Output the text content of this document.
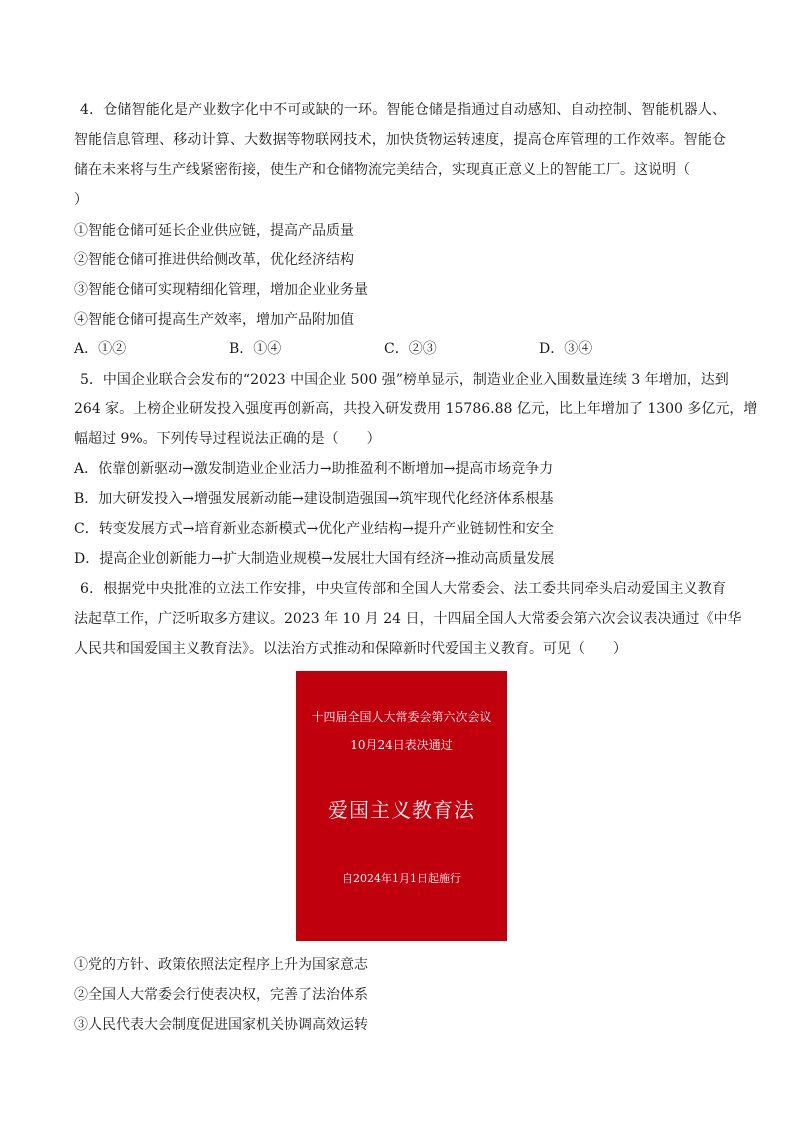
4．仓储智能化是产业数字化中不可或缺的一环。智能仓储是指通过自动感知、自动控制、智能机器人、
智能信息管理、移动计算、大数据等物联网技术，加快货物运转速度，提高仓库管理的工作效率。智能仓
储在未来将与生产线紧密衔接，使生产和仓储物流完美结合，实现真正意义上的智能工厂。这说明（
）
①智能仓储可延长企业供应链，提高产品质量
②智能仓储可推进供给侧改革，优化经济结构
③智能仓储可实现精细化管理，增加企业业务量
④智能仓储可提高生产效率，增加产品附加值
A．①②	B．①④	C．②③	D．③④
5．中国企业联合会发布的“2023 中国企业 500 强”榜单显示，制造业企业入围数量连续 3 年增加，达到
264 家。上榜企业研发投入强度再创新高，共投入研发费用 15786.88 亿元，比上年增加了 1300 多亿元，增
幅超过 9%。下列传导过程说法正确的是（　　）
A．依靠创新驱动→激发制造业企业活力→助推盈利不断增加→提高市场竞争力
B．加大研发投入→增强发展新动能→建设制造强国→筑牢现代化经济体系根基
C．转变发展方式→培育新业态新模式→优化产业结构→提升产业链韧性和安全
D．提高企业创新能力→扩大制造业规模→发展壮大国有经济→推动高质量发展
6．根据党中央批准的立法工作安排，中央宣传部和全国人大常委会、法工委共同牵头启动爱国主义教育
法起草工作，广泛听取多方建议。2023 年 10 月 24 日，十四届全国人大常委会第六次会议表决通过《中华
人民共和国爱国主义教育法》。以法治方式推动和保障新时代爱国主义教育。可见（　　）
十四届全国人大常委会第六次会议
10月24日表决通过
爱国主义教育法
自2024年1月1日起施行
①党的方针、政策依照法定程序上升为国家意志
②全国人大常委会行使表决权，完善了法治体系
③人民代表大会制度促进国家机关协调高效运转
